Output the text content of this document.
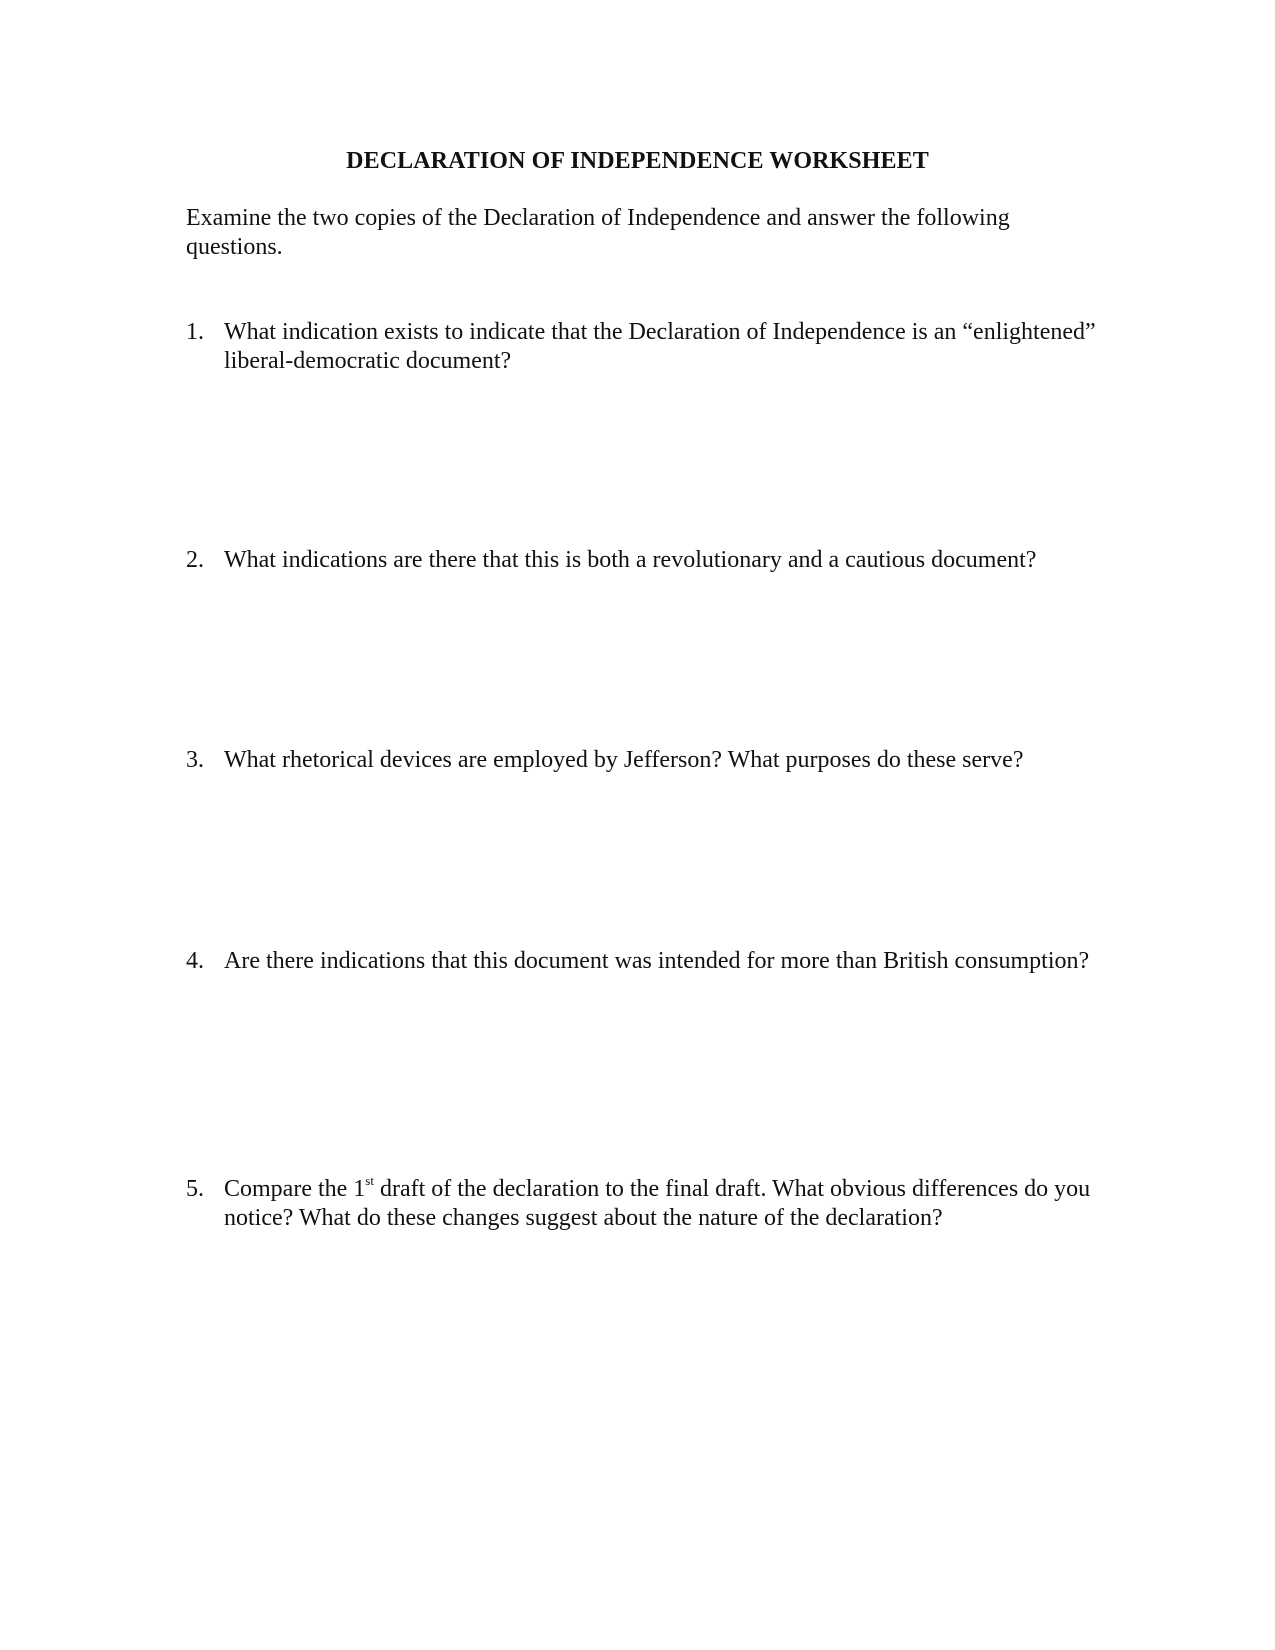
DECLARATION OF INDEPENDENCE WORKSHEET

Examine the two copies of the Declaration of Independence and answer the following questions.

1. What indication exists to indicate that the Declaration of Independence is an “enlightened” liberal-democratic document?
2. What indications are there that this is both a revolutionary and a cautious document?
3. What rhetorical devices are employed by Jefferson? What purposes do these serve?
4. Are there indications that this document was intended for more than British consumption?
5. Compare the 1st draft of the declaration to the final draft. What obvious differences do you notice? What do these changes suggest about the nature of the declaration?
